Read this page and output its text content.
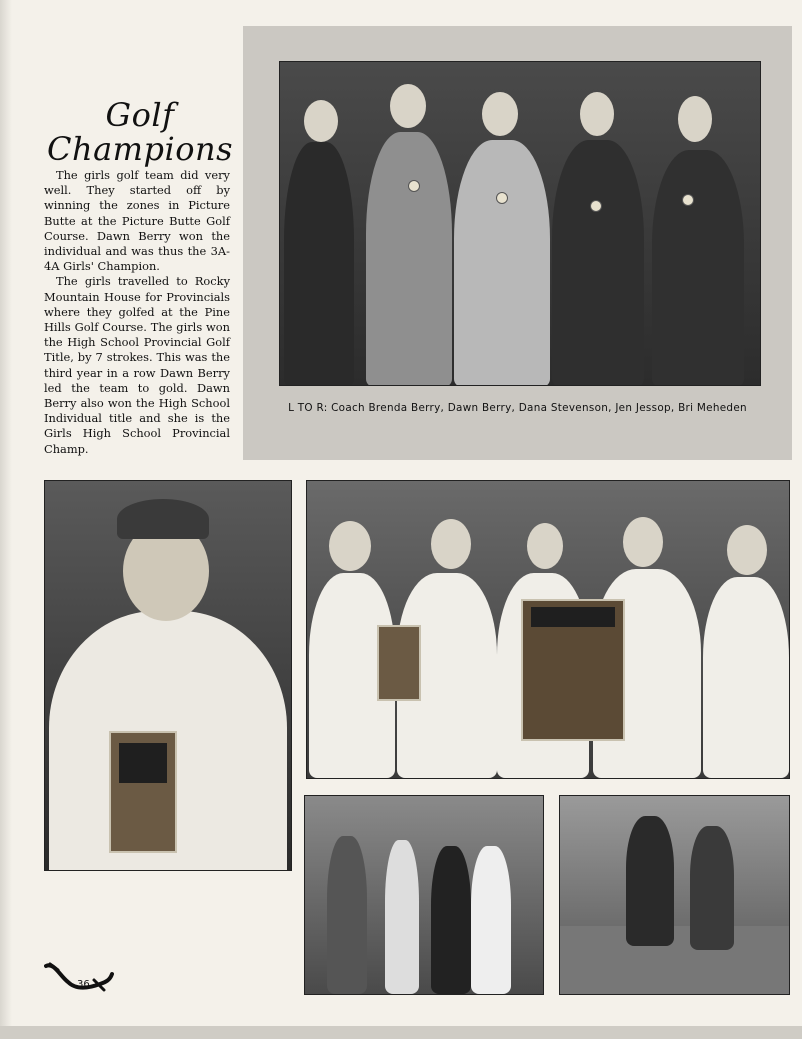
Golf
Champions

The girls golf team did very well. They started off by winning the zones in Picture Butte at the Picture Butte Golf Course. Dawn Berry won the individual and was thus the 3A-4A Girls' Champion.

The girls travelled to Rocky Mountain House for Provincials where they golfed at the Pine Hills Golf Course. The girls won the High School Provincial Golf Title, by 7 strokes. This was the third year in a row Dawn Berry led the team to gold. Dawn Berry also won the High School Individual title and she is the Girls High School Provincial Champ.

L TO R: Coach Brenda Berry, Dawn Berry, Dana Stevenson, Jen Jessop, Bri Meheden
36
